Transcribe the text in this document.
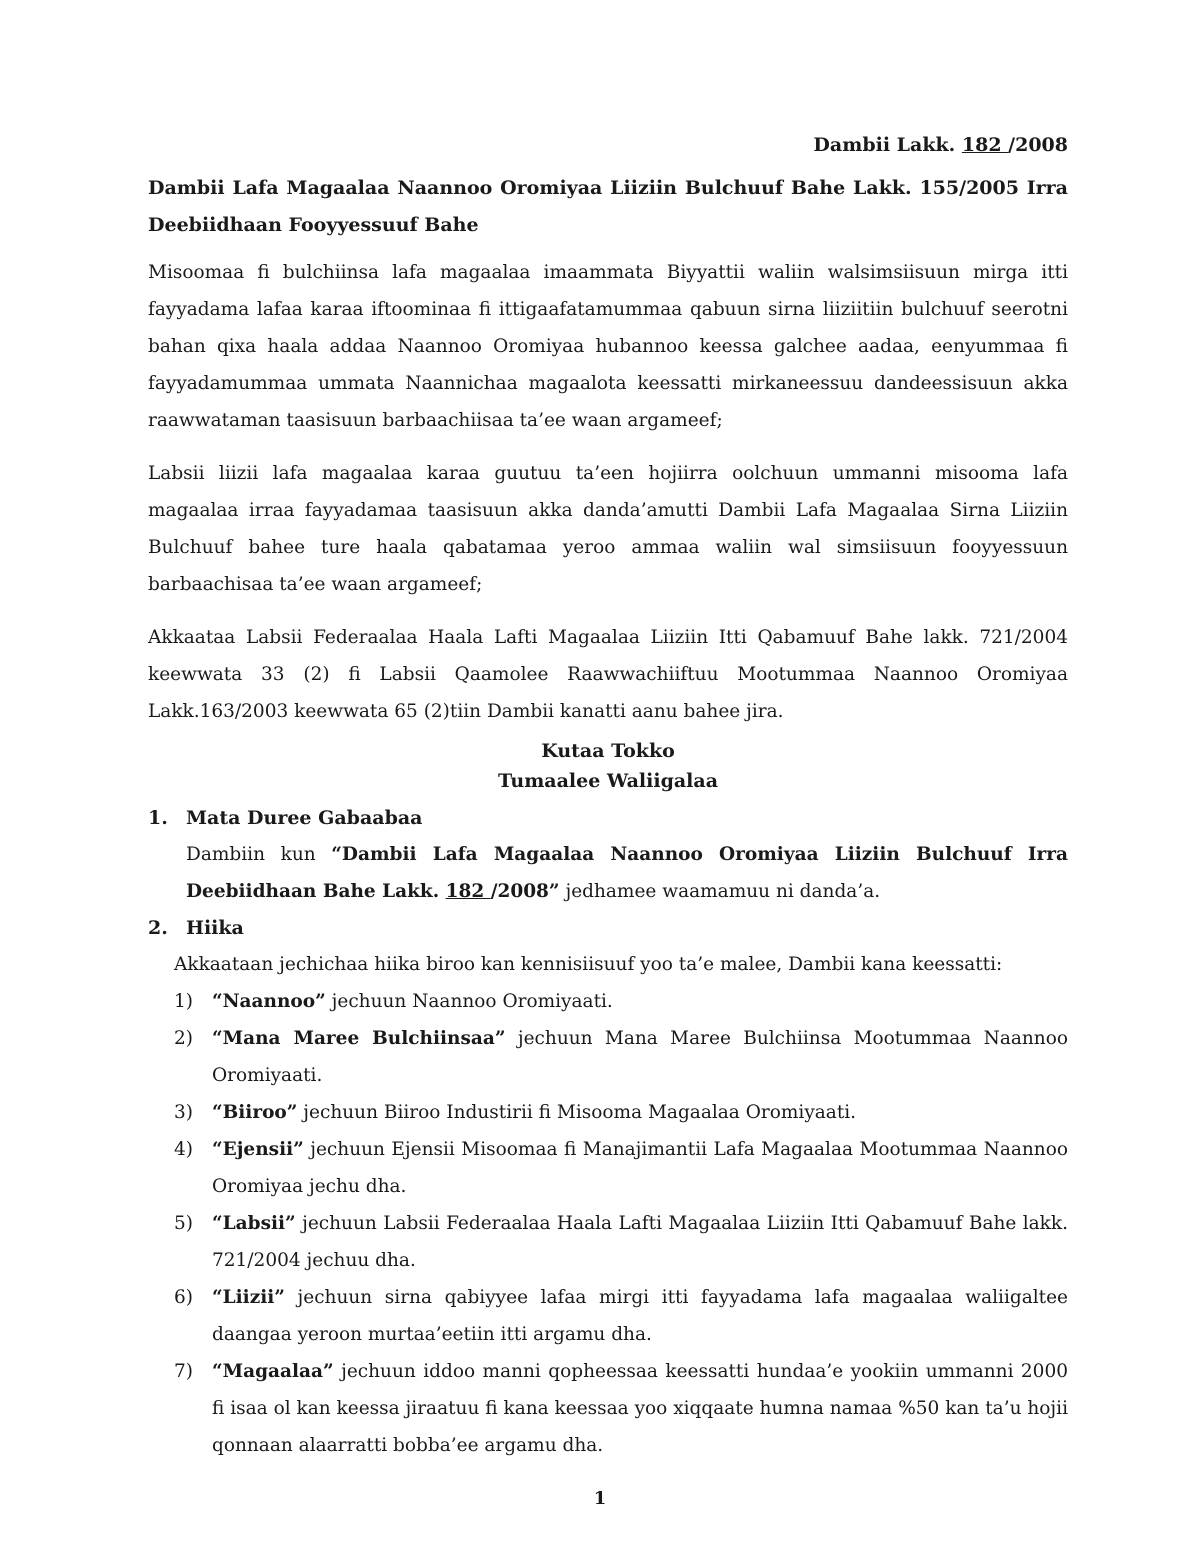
Dambii Lakk. 182 /2008
Dambii Lafa Magaalaa Naannoo Oromiyaa Liiziin Bulchuuf Bahe Lakk. 155/2005 Irra Deebiidhaan Fooyyessuuf Bahe

Misoomaa fi bulchiinsa lafa magaalaa imaammata Biyyattii waliin walsimsiisuun mirga itti fayyadama lafaa karaa iftoominaa fi ittigaafatamummaa qabuun sirna liiziitiin bulchuuf seerotni bahan qixa haala addaa Naannoo Oromiyaa hubannoo keessa galchee aadaa, eenyummaa fi fayyadamummaa ummata Naannichaa magaalota keessatti mirkaneessuu dandeessisuun akka raawwataman taasisuun barbaachiisaa ta’ee waan argameef;

Labsii liizii lafa magaalaa karaa guutuu ta’een hojiirra oolchuun ummanni misooma lafa magaalaa irraa fayyadamaa taasisuun akka danda’amutti Dambii Lafa Magaalaa Sirna Liiziin Bulchuuf bahee ture haala qabatamaa yeroo ammaa waliin wal simsiisuun fooyyessuun barbaachisaa ta’ee waan argameef;

Akkaataa Labsii Federaalaa Haala Lafti Magaalaa Liiziin Itti Qabamuuf Bahe lakk. 721/2004 keewwata 33 (2) fi Labsii Qaamolee Raawwachiiftuu Mootummaa Naannoo Oromiyaa Lakk.163/2003 keewwata 65 (2)tiin Dambii kanatti aanu bahee jira.

Kutaa Tokko
Tumaalee Waliigalaa
1. Mata Duree Gabaabaa
Dambiin kun “Dambii Lafa Magaalaa Naannoo Oromiyaa Liiziin Bulchuuf Irra Deebiidhaan Bahe Lakk. 182 /2008” jedhamee waamamuu ni danda’a.
2. Hiika
Akkaataan jechichaa hiika biroo kan kennisiisuuf yoo ta’e malee, Dambii kana keessatti:
1)	“Naannoo” jechuun Naannoo Oromiyaati.
2)	“Mana Maree Bulchiinsaa” jechuun Mana Maree Bulchiinsa Mootummaa Naannoo Oromiyaati.
3)	“Biiroo” jechuun Biiroo Industirii fi Misooma Magaalaa Oromiyaati.
4)	“Ejensii” jechuun Ejensii Misoomaa fi Manajimantii Lafa Magaalaa Mootummaa Naannoo Oromiyaa jechu dha.
5)	“Labsii” jechuun Labsii Federaalaa Haala Lafti Magaalaa Liiziin Itti Qabamuuf Bahe lakk. 721/2004 jechuu dha.
6)	“Liizii” jechuun sirna qabiyyee lafaa mirgi itti fayyadama lafa magaalaa waliigaltee daangaa yeroon murtaa’eetiin itti argamu dha.
7)	“Magaalaa” jechuun iddoo manni qopheessaa keessatti hundaa’e yookiin ummanni 2000 fi isaa ol kan keessa jiraatuu fi kana keessaa yoo xiqqaate humna namaa %50 kan ta’u hojii qonnaan alaarratti bobba’ee argamu dha.
1
